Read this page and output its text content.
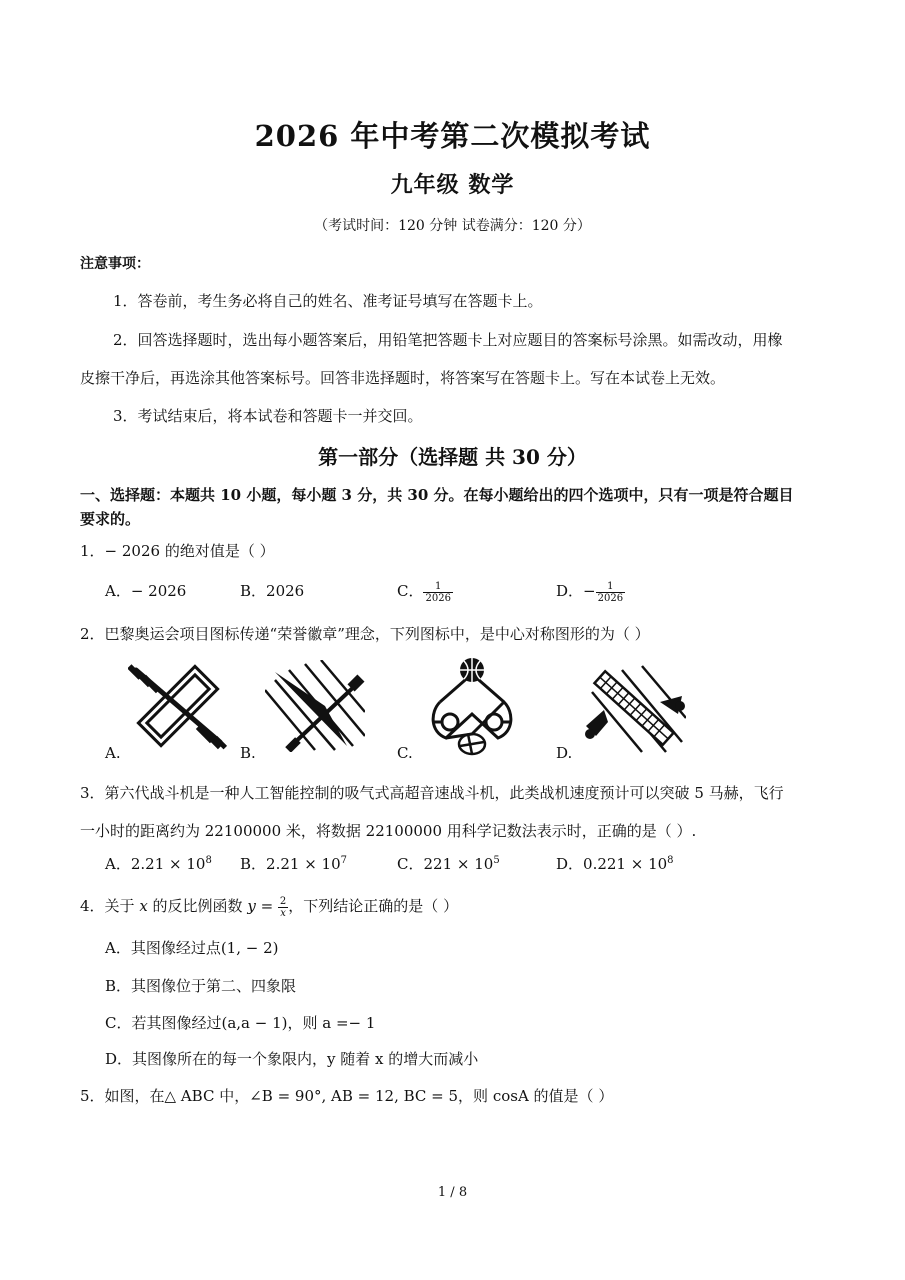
2026 年中考第二次模拟考试
九年级 数学
（考试时间：120 分钟 试卷满分：120 分）
注意事项：
1．答卷前，考生务必将自己的姓名、准考证号填写在答题卡上。
2．回答选择题时，选出每小题答案后，用铅笔把答题卡上对应题目的答案标号涂黑。如需改动，用橡
皮擦干净后，再选涂其他答案标号。回答非选择题时，将答案写在答题卡上。写在本试卷上无效。
3．考试结束后，将本试卷和答题卡一并交回。
第一部分（选择题 共 30 分）
一、选择题：本题共 10 小题，每小题 3 分，共 30 分。在每小题给出的四个选项中，只有一项是符合题目
要求的。
1．− 2026 的绝对值是（ ）
A．− 2026	B．2026	C． $\frac{1}{2026}$	D．− $\frac{1}{2026}$
2．巴黎奥运会项目图标传递“荣誉徽章”理念，下列图标中，是中心对称图形的为（ ）
A.	B.	C.	D.
3．第六代战斗机是一种人工智能控制的吸气式高超音速战斗机，此类战机速度预计可以突破 5 马赫，飞行
一小时的距离约为 22100000 米，将数据 22100000 用科学记数法表示时，正确的是（ ）.
A．$2.21 \times 10^8$ B．$2.21 \times 10^7$	C．$221 \times 10^5$	D．$0.221 \times 10^8$
4．关于 x 的反比例函数 $y = \frac{2}{x}$ ，下列结论正确的是（ ）
A．其图像经过点(1, − 2)
B．其图像位于第二、四象限
C．若其图像经过(a,a − 1)，则 a =− 1
D．其图像所在的每一个象限内，y 随着 x 的增大而减小
5．如图，在△ ABC 中，∠B = 90°, AB = 12, BC = 5，则 cosA 的值是（ ）
1 / 8
